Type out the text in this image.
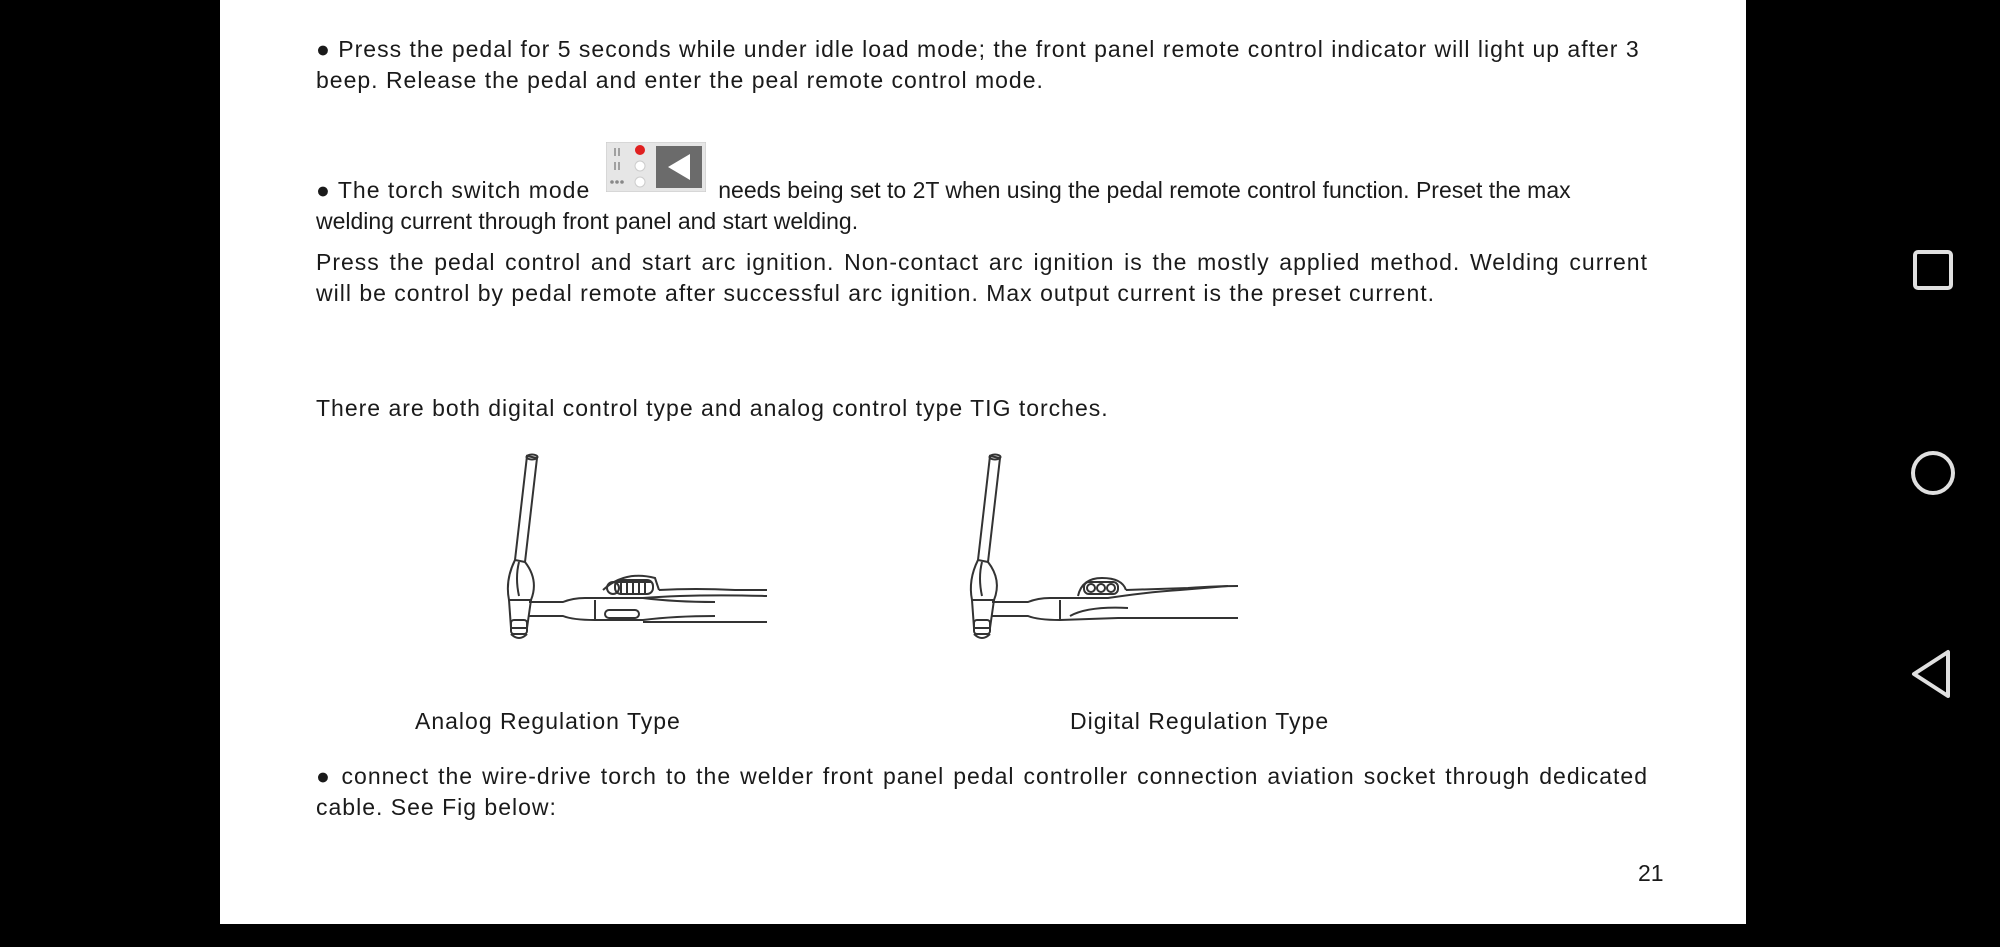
● Press the pedal for 5 seconds while under idle load mode; the front panel remote control indicator will light up after 3 beep. Release the pedal and enter the peal remote control mode.

● The torch switch mode	needs being set to 2T when using the pedal remote control function. Preset the max welding current through front panel and start welding.

Press the pedal control and start arc ignition. Non-contact arc ignition is the mostly applied method. Welding current will be control by pedal remote after successful arc ignition. Max output current is the preset current.

There are both digital control type and analog control type TIG torches.

Analog Regulation Type	Digital Regulation Type

● connect the wire-drive torch to the welder front panel pedal controller connection aviation socket through dedicated cable. See Fig below:

21
